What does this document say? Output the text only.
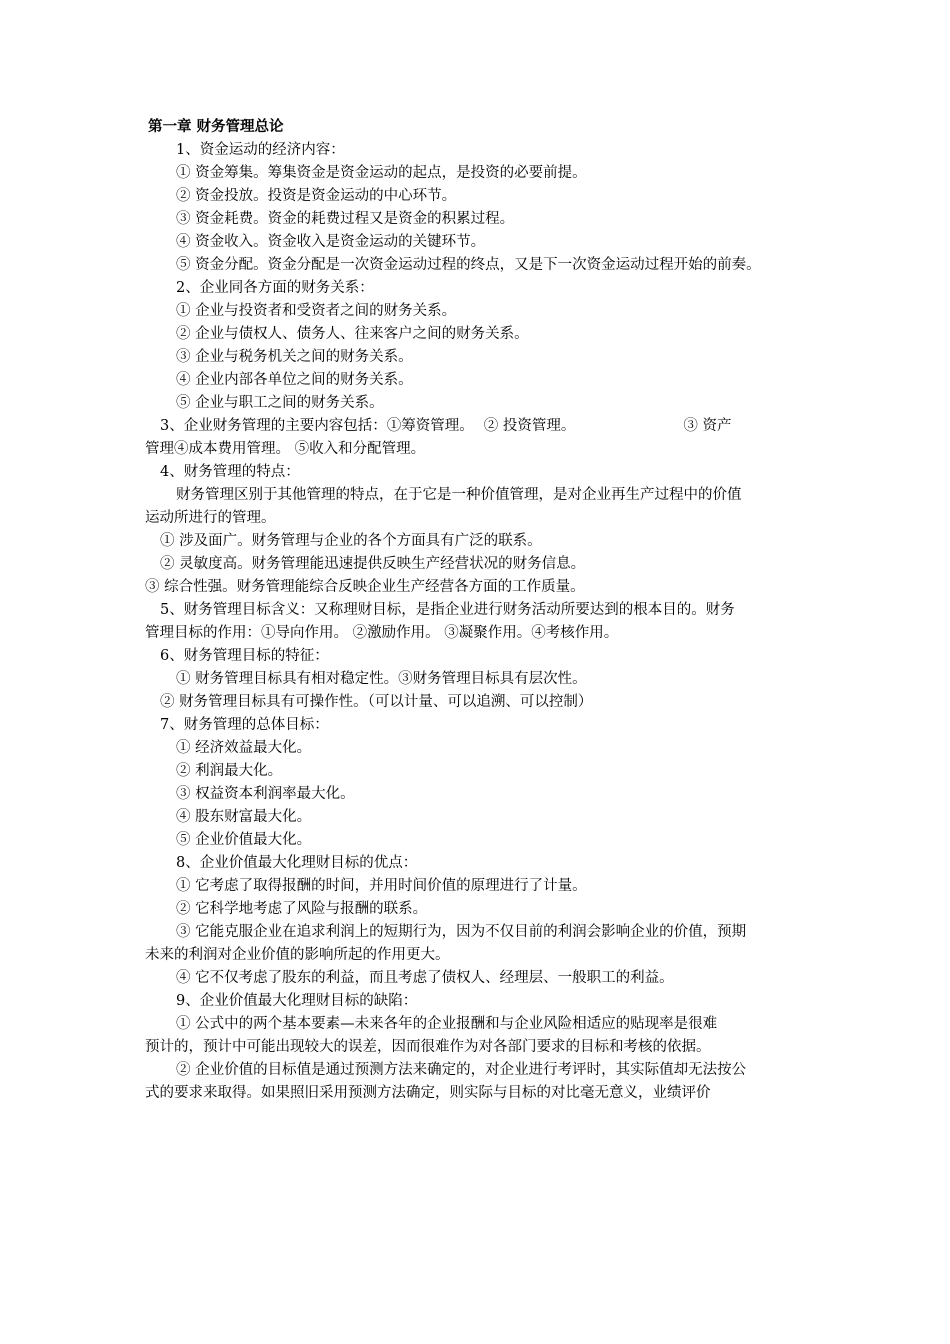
第一章 财务管理总论
1、资金运动的经济内容：
① 资金筹集。筹集资金是资金运动的起点，是投资的必要前提。
② 资金投放。投资是资金运动的中心环节。
③ 资金耗费。资金的耗费过程又是资金的积累过程。
④ 资金收入。资金收入是资金运动的关键环节。
⑤ 资金分配。资金分配是一次资金运动过程的终点，又是下一次资金运动过程开始的前奏。
2、企业同各方面的财务关系：
① 企业与投资者和受资者之间的财务关系。
② 企业与债权人、债务人、往来客户之间的财务关系。
③ 企业与税务机关之间的财务关系。
④ 企业内部各单位之间的财务关系。
⑤ 企业与职工之间的财务关系。
3、企业财务管理的主要内容包括：①筹资管理。 ② 投资管理。	③ 资产
管理④成本费用管理。 ⑤收入和分配管理。
4、财务管理的特点：
财务管理区别于其他管理的特点，在于它是一种价值管理，是对企业再生产过程中的价值
运动所进行的管理。
① 涉及面广。财务管理与企业的各个方面具有广泛的联系。
② 灵敏度高。财务管理能迅速提供反映生产经营状况的财务信息。
③ 综合性强。财务管理能综合反映企业生产经营各方面的工作质量。
5、财务管理目标含义：又称理财目标，是指企业进行财务活动所要达到的根本目的。财务
管理目标的作用：①导向作用。 ②激励作用。 ③凝聚作用。④考核作用。
6、财务管理目标的特征：
① 财务管理目标具有相对稳定性。③财务管理目标具有层次性。
② 财务管理目标具有可操作性。（可以计量、可以追溯、可以控制）
7、财务管理的总体目标：
① 经济效益最大化。
② 利润最大化。
③ 权益资本利润率最大化。
④ 股东财富最大化。
⑤ 企业价值最大化。
8、企业价值最大化理财目标的优点：
① 它考虑了取得报酬的时间，并用时间价值的原理进行了计量。
② 它科学地考虑了风险与报酬的联系。
③ 它能克服企业在追求利润上的短期行为，因为不仅目前的利润会影响企业的价值，预期
未来的利润对企业价值的影响所起的作用更大。
④ 它不仅考虑了股东的利益，而且考虑了债权人、经理层、一般职工的利益。
9、企业价值最大化理财目标的缺陷：
① 公式中的两个基本要素—未来各年的企业报酬和与企业风险相适应的贴现率是很难
预计的，预计中可能出现较大的误差，因而很难作为对各部门要求的目标和考核的依据。
② 企业价值的目标值是通过预测方法来确定的，对企业进行考评时，其实际值却无法按公
式的要求来取得。如果照旧采用预测方法确定，则实际与目标的对比毫无意义，业绩评价
